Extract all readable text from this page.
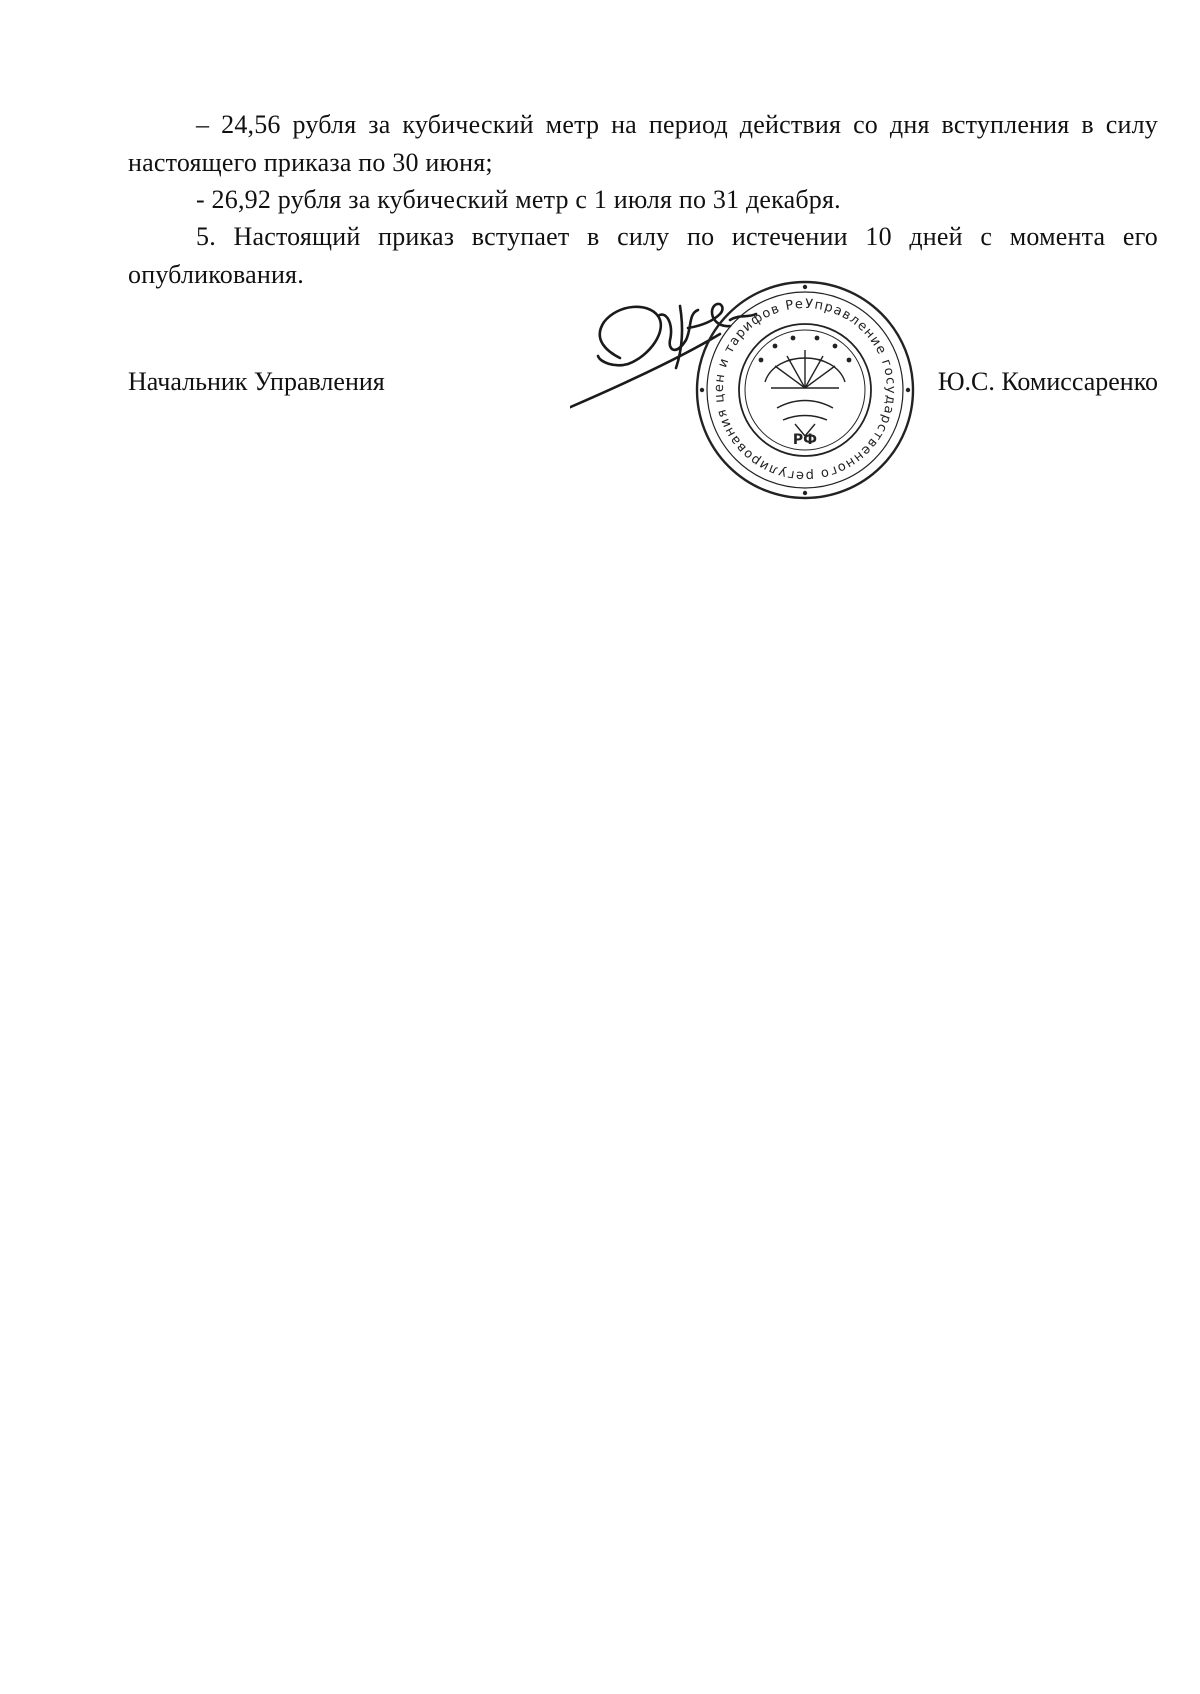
– 24,56 рубля за кубический метр на период действия со дня вступления в силу настоящего приказа по 30 июня;

- 26,92 рубля за кубический метр с 1 июля по 31 декабря.

5. Настоящий приказ вступает в силу по истечении 10 дней с момента его опубликования.

Начальник Управления	Ю.С. Комиссаренко
Управление государственного регулирования цен и тарифов Республики Адыгея
РФ
